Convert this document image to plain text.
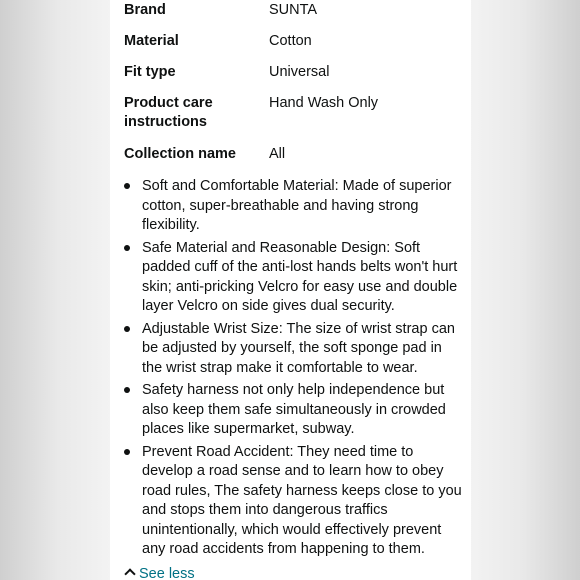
Brand	SUNTA
Material	Cotton
Fit type	Universal
Product care instructions	Hand Wash Only
Collection name	All
Soft and Comfortable Material: Made of superior cotton, super-breathable and having strong flexibility.
Safe Material and Reasonable Design: Soft padded cuff of the anti-lost hands belts won't hurt skin; anti-pricking Velcro for easy use and double layer Velcro on side gives dual security.
Adjustable Wrist Size: The size of wrist strap can be adjusted by yourself, the soft sponge pad in the wrist strap make it comfortable to wear.
Safety harness not only help independence but also keep them safe simultaneously in crowded places like supermarket, subway.
Prevent Road Accident: They need time to develop a road sense and to learn how to obey road rules, The safety harness keeps close to you and stops them into dangerous traffics unintentionally, which would effectively prevent any road accidents from happening to them.
See less
